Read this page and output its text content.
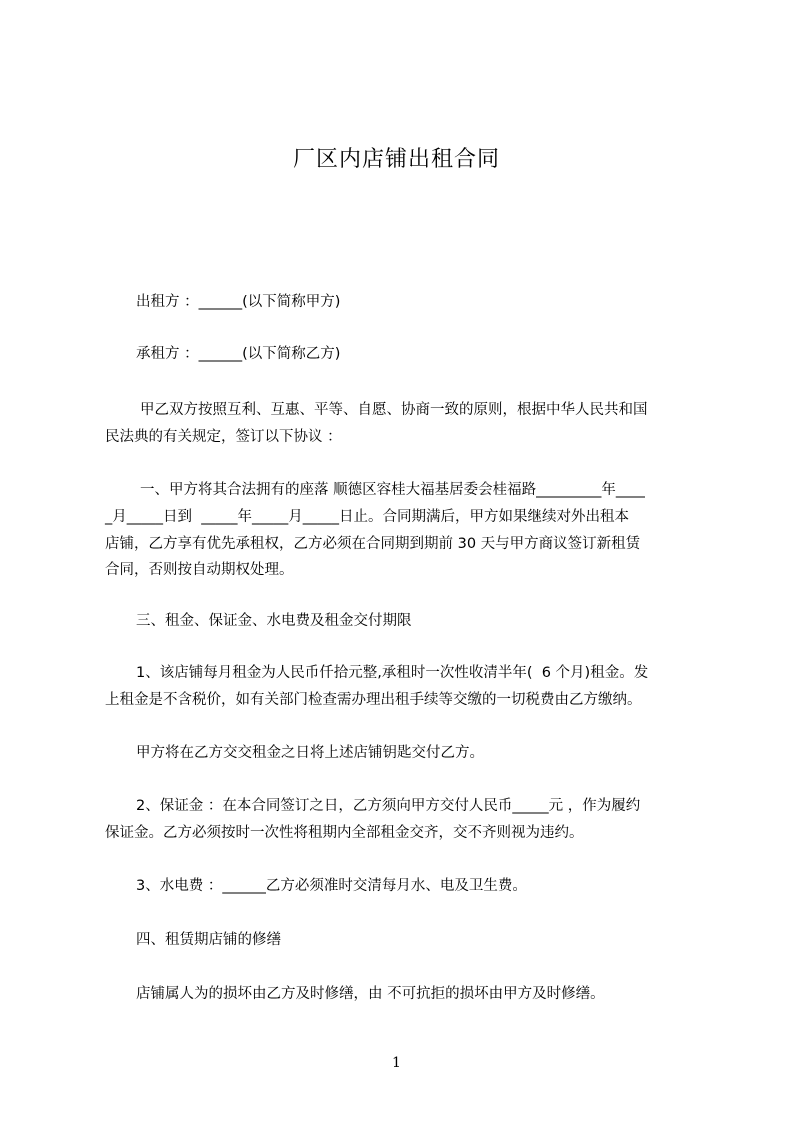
厂区内店铺出租合同
出租方 ：______(以下简称甲方)
承租方 ：______(以下简称乙方)
甲乙双方按照互利、互惠、平等、自愿、协商一致的原则，根据中华人民共和国
民法典的有关规定，签订以下协议 ：
一、甲方将其合法拥有的座落 顺德区容桂大福基居委会桂福路_________年____
_月_____日到  _____年_____月_____日止。合同期满后，甲方如果继续对外出租本
店铺，乙方享有优先承租权，乙方必须在合同期到期前 30 天与甲方商议签订新租赁
合同，否则按自动期权处理。
三、租金、保证金、水电费及租金交付期限
1、该店铺每月租金为人民币仟拾元整,承租时一次性收清半年(  6 个月)租金。发
上租金是不含税价，如有关部门检查需办理出租手续等交缴的一切税费由乙方缴纳。
甲方将在乙方交交租金之日将上述店铺钥匙交付乙方。
2、保证金 ：在本合同签订之日，乙方须向甲方交付人民币_____元 ，作为履约
保证金。乙方必须按时一次性将租期内全部租金交齐，交不齐则视为违约。
3、水电费 ：______乙方必须准时交清每月水、电及卫生费。
四、租赁期店铺的修缮
店铺属人为的损坏由乙方及时修缮，由 不可抗拒的损坏由甲方及时修缮。
1
